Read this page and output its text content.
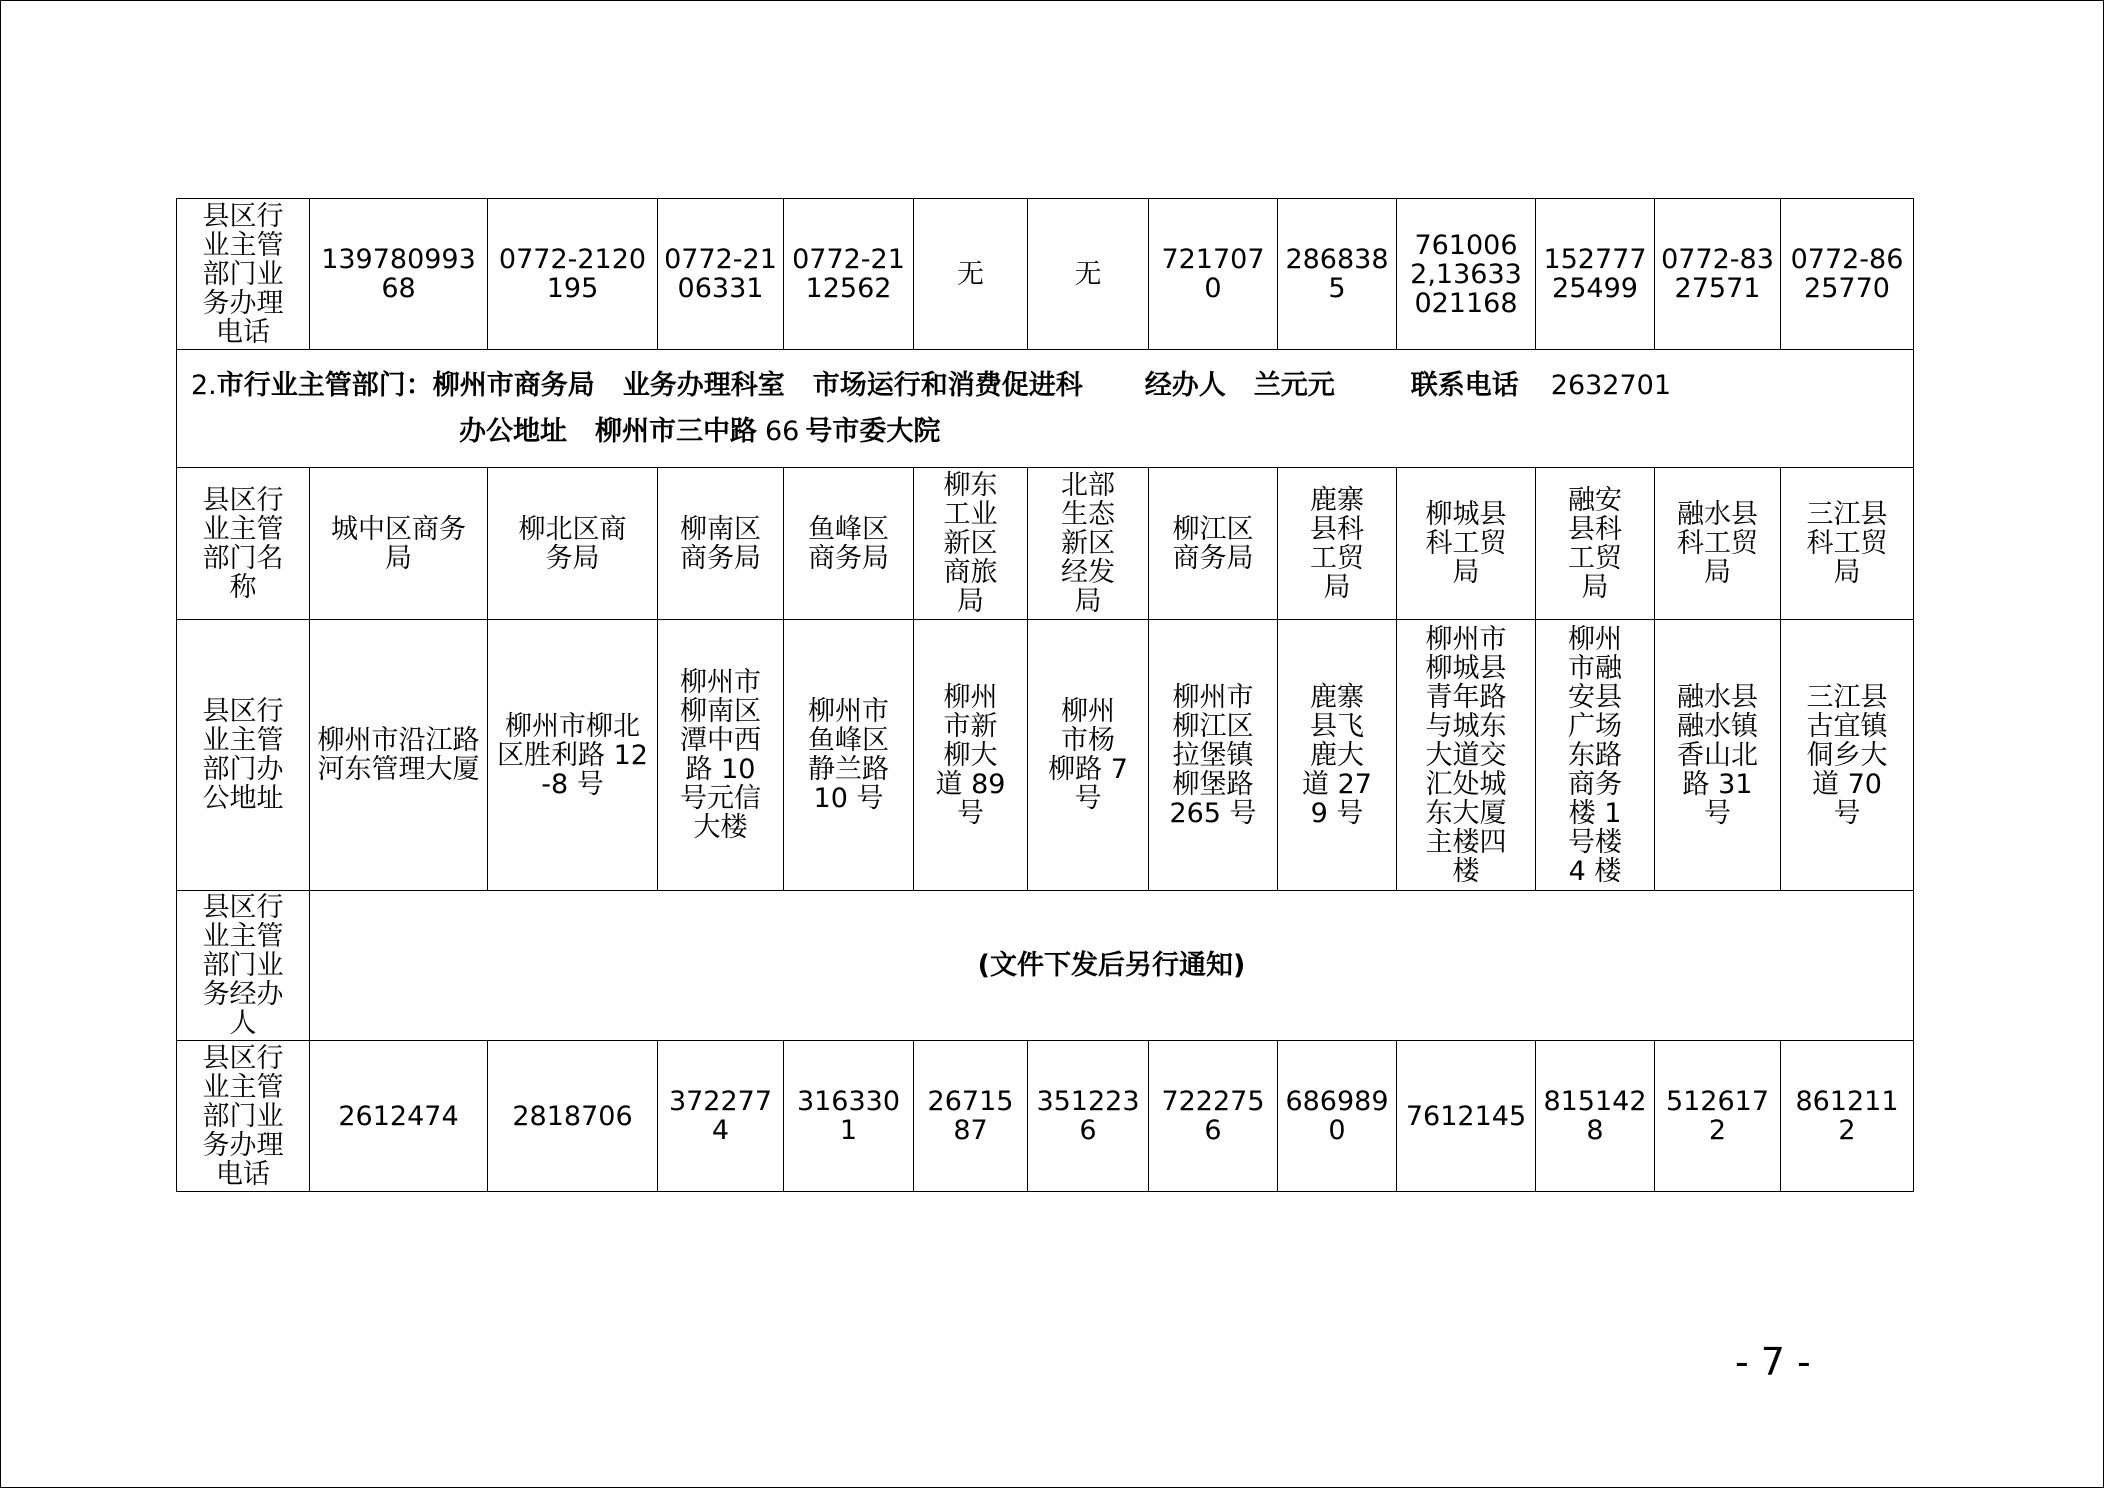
县区行业主管部门业务办理电话	13978099368	0772-2120195	0772-2106331	0772-2112562	无	无	7217070	2868385	7610062,13633021168	15277725499	0772-8327571	0772-8625770

2.市行业主管部门：柳州市商务局 业务办理科室 市场运行和消费促进科 经办人 兰元元 联系电话 2632701
办公地址 柳州市三中路 66 号市委大院												

县区行业主管部门名称	城中区商务局	柳北区商务局	柳南区商务局	鱼峰区商务局	柳东工业新区商旅局	北部生态新区经发局	柳江区商务局	鹿寨县科工贸局	柳城县科工贸局	融安县科工贸局	融水县科工贸局	三江县科工贸局
县区行业主管部门办公地址	柳州市沿江路河东管理大厦	柳州市柳北区胜利路 12-8 号	柳州市柳南区潭中西路 10 号元信大楼	柳州市鱼峰区静兰路 10 号	柳州市新柳大道 89 号	柳州市杨柳路 7 号	柳州市柳江区拉堡镇柳堡路 265 号	鹿寨县飞鹿大道 279 号	柳州市柳城县青年路与城东大道交汇处城东大厦主楼四楼	柳州市融安县广场东路商务楼 1 号楼 4 楼	融水县融水镇香山北路 31 号	三江县古宜镇侗乡大道 70 号
县区行业主管部门业务经办人	(文件下发后另行通知)											
县区行业主管部门业务办理电话	2612474	2818706	3722774	3163301	2671587	3512236	7222756	6869890	7612145	8151428	5126172	8612112
- 7 -
